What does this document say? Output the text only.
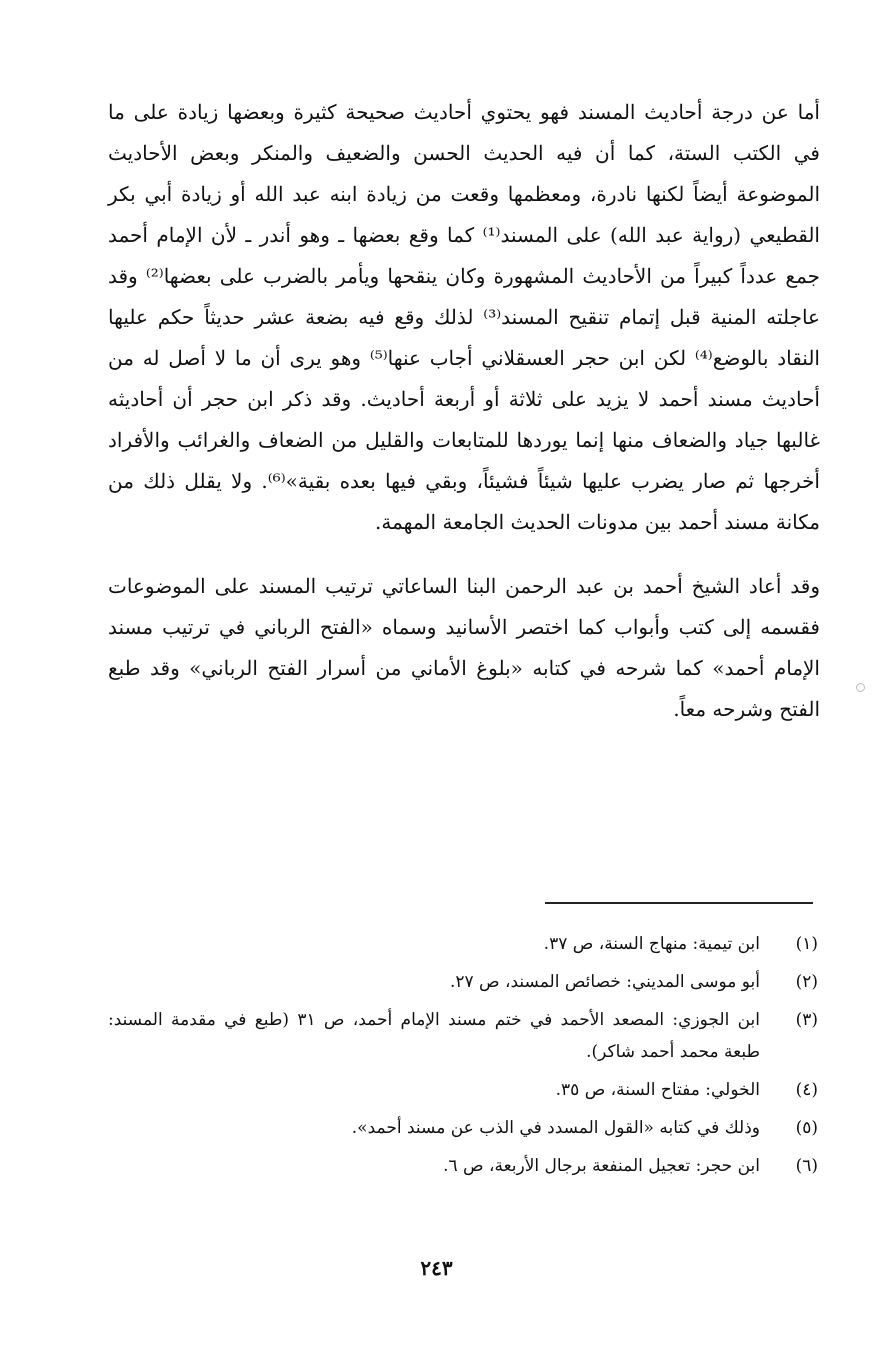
أما عن درجة أحاديث المسند فهو يحتوي أحاديث صحيحة كثيرة وبعضها زيادة على ما في الكتب الستة، كما أن فيه الحديث الحسن والضعيف والمنكر وبعض الأحاديث الموضوعة أيضاً لكنها نادرة، ومعظمها وقعت من زيادة ابنه عبد الله أو زيادة أبي بكر القطيعي (رواية عبد الله) على المسند⁽¹⁾ كما وقع بعضها ـ وهو أندر ـ لأن الإمام أحمد جمع عدداً كبيراً من الأحاديث المشهورة وكان ينقحها ويأمر بالضرب على بعضها⁽²⁾ وقد عاجلته المنية قبل إتمام تنقيح المسند⁽³⁾ لذلك وقع فيه بضعة عشر حديثاً حكم عليها النقاد بالوضع⁽⁴⁾ لكن ابن حجر العسقلاني أجاب عنها⁽⁵⁾ وهو يرى أن ما لا أصل له من أحاديث مسند أحمد لا يزيد على ثلاثة أو أربعة أحاديث. وقد ذكر ابن حجر أن أحاديثه غالبها جياد والضعاف منها إنما يوردها للمتابعات والقليل من الضعاف والغرائب والأفراد أخرجها ثم صار يضرب عليها شيئاً فشيئاً، وبقي فيها بعده بقية»⁽⁶⁾. ولا يقلل ذلك من مكانة مسند أحمد بين مدونات الحديث الجامعة المهمة.

وقد أعاد الشيخ أحمد بن عبد الرحمن البنا الساعاتي ترتيب المسند على الموضوعات فقسمه إلى كتب وأبواب كما اختصر الأسانيد وسماه «الفتح الرباني في ترتيب مسند الإمام أحمد» كما شرحه في كتابه «بلوغ الأماني من أسرار الفتح الرباني» وقد طبع الفتح وشرحه معاً.

(١)
ابن تيمية: منهاج السنة، ص ٣٧.
(٢)
أبو موسى المديني: خصائص المسند، ص ٢٧.
(٣)
ابن الجوزي: المصعد الأحمد في ختم مسند الإمام أحمد، ص ٣١ (طبع في مقدمة المسند: طبعة محمد أحمد شاكر).
(٤)
الخولي: مفتاح السنة، ص ٣٥.
(٥)
وذلك في كتابه «القول المسدد في الذب عن مسند أحمد».
(٦)
ابن حجر: تعجيل المنفعة برجال الأربعة، ص ٦.
٢٤٣
